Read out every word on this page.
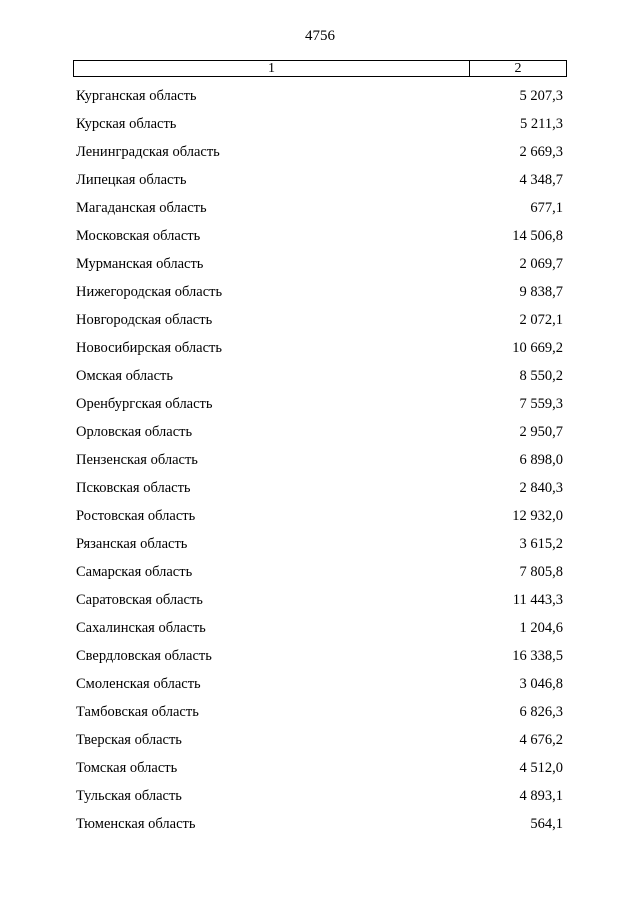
4756
1	2
Курганская область	5 207,3
Курская область	5 211,3
Ленинградская область	2 669,3
Липецкая область	4 348,7
Магаданская область	677,1
Московская область	14 506,8
Мурманская область	2 069,7
Нижегородская область	9 838,7
Новгородская область	2 072,1
Новосибирская область	10 669,2
Омская область	8 550,2
Оренбургская область	7 559,3
Орловская область	2 950,7
Пензенская область	6 898,0
Псковская область	2 840,3
Ростовская область	12 932,0
Рязанская область	3 615,2
Самарская область	7 805,8
Саратовская область	11 443,3
Сахалинская область	1 204,6
Свердловская область	16 338,5
Смоленская область	3 046,8
Тамбовская область	6 826,3
Тверская область	4 676,2
Томская область	4 512,0
Тульская область	4 893,1
Тюменская область	564,1
